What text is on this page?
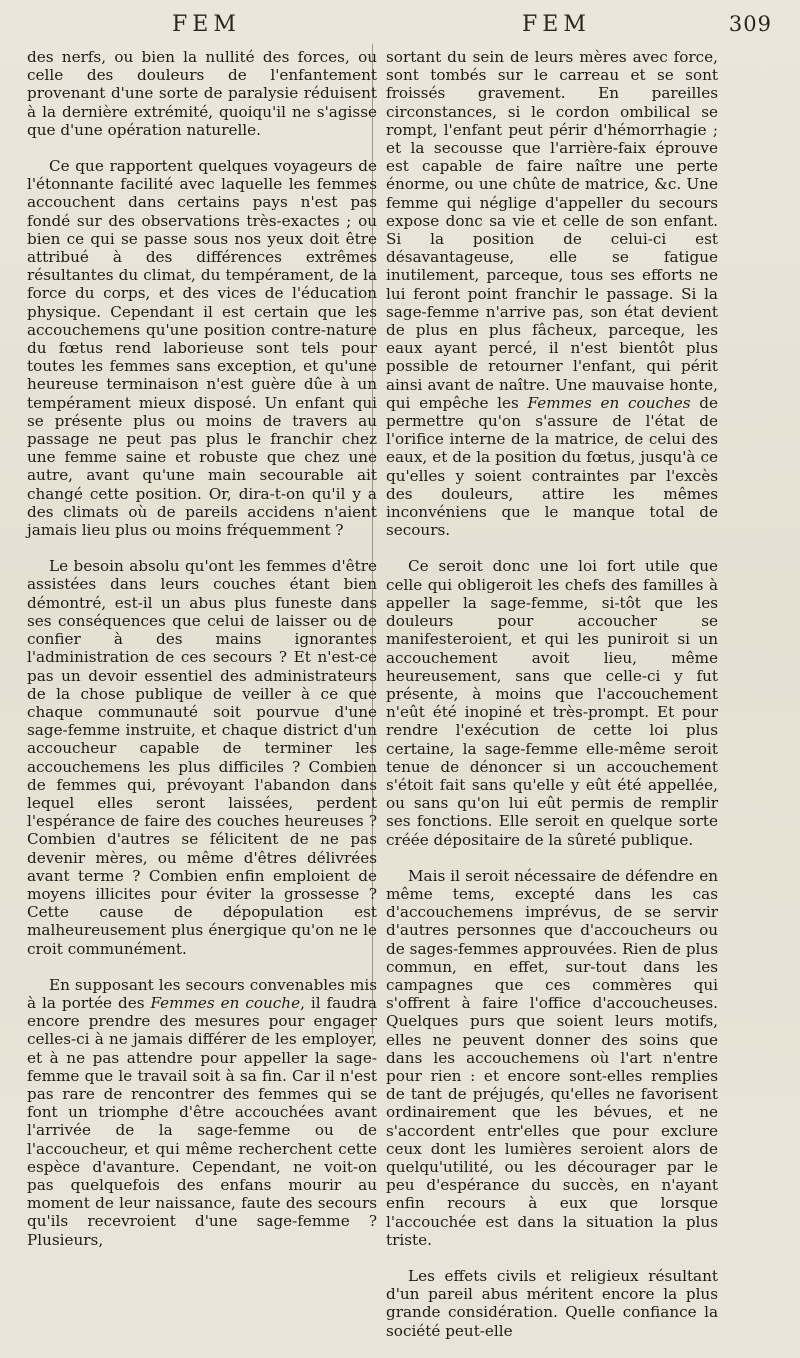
FEM	FEM	309

des nerfs, ou bien la nullité des forces, ou celle des douleurs de l'enfantement provenant d'une sorte de paralysie réduisent à la dernière extrémité, quoiqu'il ne s'agisse que d'une opération naturelle.

Ce que rapportent quelques voyageurs de l'étonnante facilité avec laquelle les femmes accouchent dans certains pays n'est pas fondé sur des observations très-exactes ; ou bien ce qui se passe sous nos yeux doit être attribué à des différences extrêmes résultantes du climat, du tempérament, de la force du corps, et des vices de l'éducation physique. Cependant il est certain que les accouchemens qu'une position contre-nature du fœtus rend laborieuse sont tels pour toutes les femmes sans exception, et qu'une heureuse terminaison n'est guère dûe à un tempérament mieux disposé. Un enfant qui se présente plus ou moins de travers au passage ne peut pas plus le franchir chez une femme saine et robuste que chez une autre, avant qu'une main secourable ait changé cette position. Or, dira-t-on qu'il y a des climats où de pareils accidens n'aient jamais lieu plus ou moins fréquemment ?

Le besoin absolu qu'ont les femmes d'être assistées dans leurs couches étant bien démontré, est-il un abus plus funeste dans ses conséquences que celui de laisser ou de confier à des mains ignorantes l'administration de ces secours ? Et n'est-ce pas un devoir essentiel des administrateurs de la chose publique de veiller à ce que chaque communauté soit pourvue d'une sage-femme instruite, et chaque district d'un accoucheur capable de terminer les accouchemens les plus difficiles ? Combien de femmes qui, prévoyant l'abandon dans lequel elles seront laissées, perdent l'espérance de faire des couches heureuses ? Combien d'autres se félicitent de ne pas devenir mères, ou même d'êtres délivrées avant terme ? Combien enfin emploient de moyens illicites pour éviter la grossesse ? Cette cause de dépopulation est malheureusement plus énergique qu'on ne le croit communément.

En supposant les secours convenables mis à la portée des Femmes en couche, il faudra encore prendre des mesures pour engager celles-ci à ne jamais différer de les employer, et à ne pas attendre pour appeller la sage-femme que le travail soit à sa fin. Car il n'est pas rare de rencontrer des femmes qui se font un triomphe d'être accouchées avant l'arrivée de la sage-femme ou de l'accoucheur, et qui même recherchent cette espèce d'avanture. Cependant, ne voit-on pas quelquefois des enfans mourir au moment de leur naissance, faute des secours qu'ils recevroient d'une sage-femme ? Plusieurs,

sortant du sein de leurs mères avec force, sont tombés sur le carreau et se sont froissés gravement. En pareilles circonstances, si le cordon ombilical se rompt, l'enfant peut périr d'hémorrhagie ; et la secousse que l'arrière-faix éprouve est capable de faire naître une perte énorme, ou une chûte de matrice, &c. Une femme qui néglige d'appeller du secours expose donc sa vie et celle de son enfant. Si la position de celui-ci est désavantageuse, elle se fatigue inutilement, parceque, tous ses efforts ne lui feront point franchir le passage. Si la sage-femme n'arrive pas, son état devient de plus en plus fâcheux, parceque, les eaux ayant percé, il n'est bientôt plus possible de retourner l'enfant, qui périt ainsi avant de naître. Une mauvaise honte, qui empêche les Femmes en couches de permettre qu'on s'assure de l'état de l'orifice interne de la matrice, de celui des eaux, et de la position du fœtus, jusqu'à ce qu'elles y soient contraintes par l'excès des douleurs, attire les mêmes inconvéniens que le manque total de secours.

Ce seroit donc une loi fort utile que celle qui obligeroit les chefs des familles à appeller la sage-femme, si-tôt que les douleurs pour accoucher se manifesteroient, et qui les puniroit si un accouchement avoit lieu, même heureusement, sans que celle-ci y fut présente, à moins que l'accouchement n'eût été inopiné et très-prompt. Et pour rendre l'exécution de cette loi plus certaine, la sage-femme elle-même seroit tenue de dénoncer si un accouchement s'étoit fait sans qu'elle y eût été appellée, ou sans qu'on lui eût permis de remplir ses fonctions. Elle seroit en quelque sorte créée dépositaire de la sûreté publique.

Mais il seroit nécessaire de défendre en même tems, excepté dans les cas d'accouchemens imprévus, de se servir d'autres personnes que d'accoucheurs ou de sages-femmes approuvées. Rien de plus commun, en effet, sur-tout dans les campagnes que ces commères qui s'offrent à faire l'office d'accoucheuses. Quelques purs que soient leurs motifs, elles ne peuvent donner des soins que dans les accouchemens où l'art n'entre pour rien : et encore sont-elles remplies de tant de préjugés, qu'elles ne favorisent ordinairement que les bévues, et ne s'accordent entr'elles que pour exclure ceux dont les lumières seroient alors de quelqu'utilité, ou les décourager par le peu d'espérance du succès, en n'ayant enfin recours à eux que lorsque l'accouchée est dans la situation la plus triste.

Les effets civils et religieux résultant d'un pareil abus méritent encore la plus grande considération. Quelle confiance la société peut-elle
